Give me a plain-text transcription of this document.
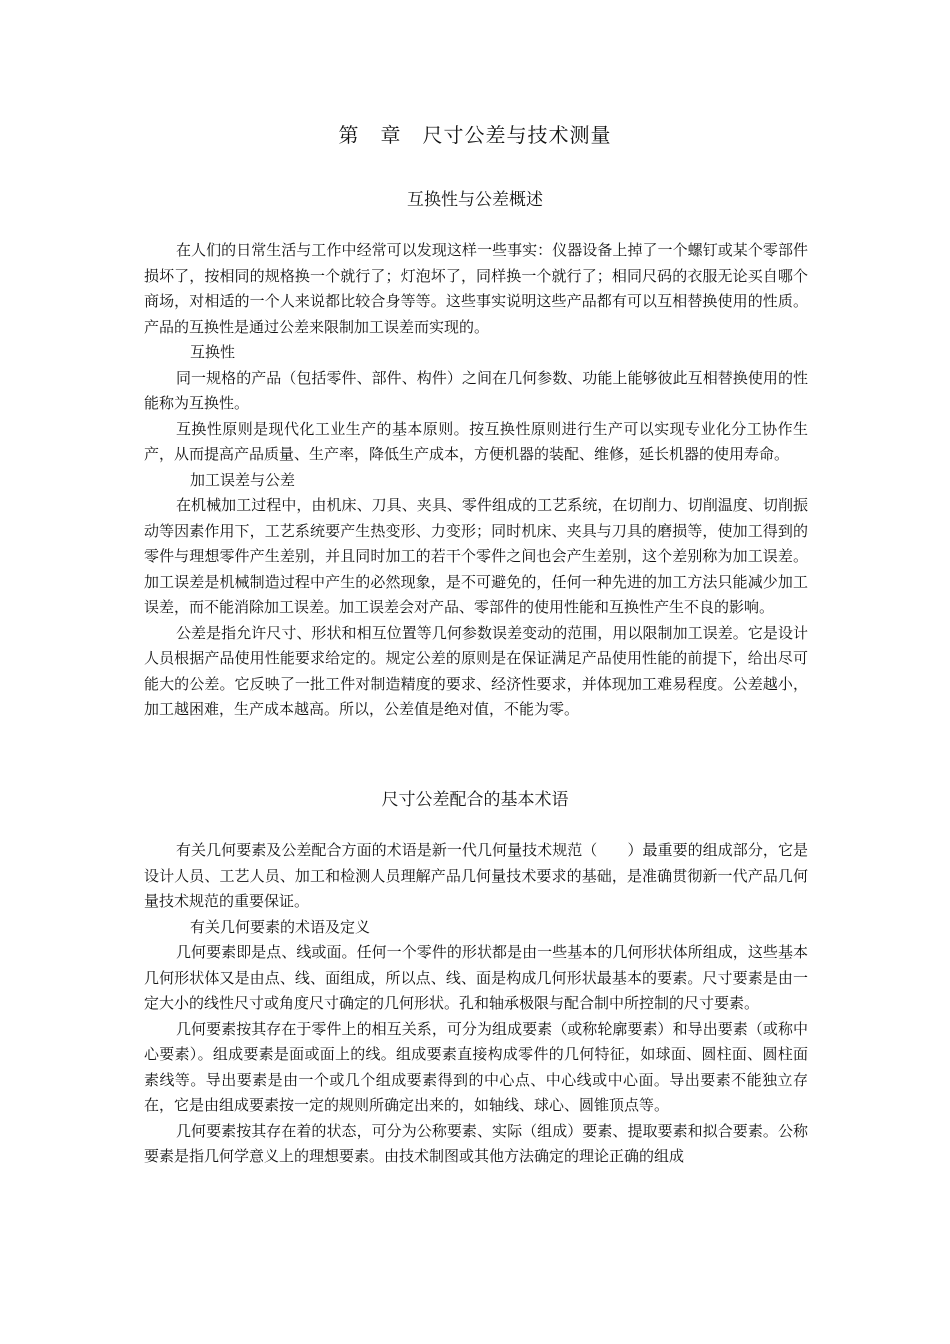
第　章　尺寸公差与技术测量
互换性与公差概述

在人们的日常生活与工作中经常可以发现这样一些事实：仪器设备上掉了一个螺钉或某个零部件损坏了，按相同的规格换一个就行了；灯泡坏了，同样换一个就行了；相同尺码的衣服无论买自哪个商场，对相适的一个人来说都比较合身等等。这些事实说明这些产品都有可以互相替换使用的性质。产品的互换性是通过公差来限制加工误差而实现的。

互换性

同一规格的产品（包括零件、部件、构件）之间在几何参数、功能上能够彼此互相替换使用的性能称为互换性。

互换性原则是现代化工业生产的基本原则。按互换性原则进行生产可以实现专业化分工协作生产，从而提高产品质量、生产率，降低生产成本，方便机器的装配、维修，延长机器的使用寿命。

加工误差与公差

在机械加工过程中，由机床、刀具、夹具、零件组成的工艺系统，在切削力、切削温度、切削振动等因素作用下，工艺系统要产生热变形、力变形；同时机床、夹具与刀具的磨损等，使加工得到的零件与理想零件产生差别，并且同时加工的若干个零件之间也会产生差别，这个差别称为加工误差。加工误差是机械制造过程中产生的必然现象，是不可避免的，任何一种先进的加工方法只能减少加工误差，而不能消除加工误差。加工误差会对产品、零部件的使用性能和互换性产生不良的影响。

公差是指允许尺寸、形状和相互位置等几何参数误差变动的范围，用以限制加工误差。它是设计人员根据产品使用性能要求给定的。规定公差的原则是在保证满足产品使用性能的前提下，给出尽可能大的公差。它反映了一批工件对制造精度的要求、经济性要求，并体现加工难易程度。公差越小，加工越困难，生产成本越高。所以，公差值是绝对值，不能为零。

尺寸公差配合的基本术语

有关几何要素及公差配合方面的术语是新一代几何量技术规范（　　）最重要的组成部分，它是设计人员、工艺人员、加工和检测人员理解产品几何量技术要求的基础，是准确贯彻新一代产品几何量技术规范的重要保证。

有关几何要素的术语及定义

几何要素即是点、线或面。任何一个零件的形状都是由一些基本的几何形状体所组成，这些基本几何形状体又是由点、线、面组成，所以点、线、面是构成几何形状最基本的要素。尺寸要素是由一定大小的线性尺寸或角度尺寸确定的几何形状。孔和轴承极限与配合制中所控制的尺寸要素。

几何要素按其存在于零件上的相互关系，可分为组成要素（或称轮廓要素）和导出要素（或称中心要素）。组成要素是面或面上的线。组成要素直接构成零件的几何特征，如球面、圆柱面、圆柱面素线等。导出要素是由一个或几个组成要素得到的中心点、中心线或中心面。导出要素不能独立存在，它是由组成要素按一定的规则所确定出来的，如轴线、球心、圆锥顶点等。

几何要素按其存在着的状态，可分为公称要素、实际（组成）要素、提取要素和拟合要素。公称要素是指几何学意义上的理想要素。由技术制图或其他方法确定的理论正确的组成
